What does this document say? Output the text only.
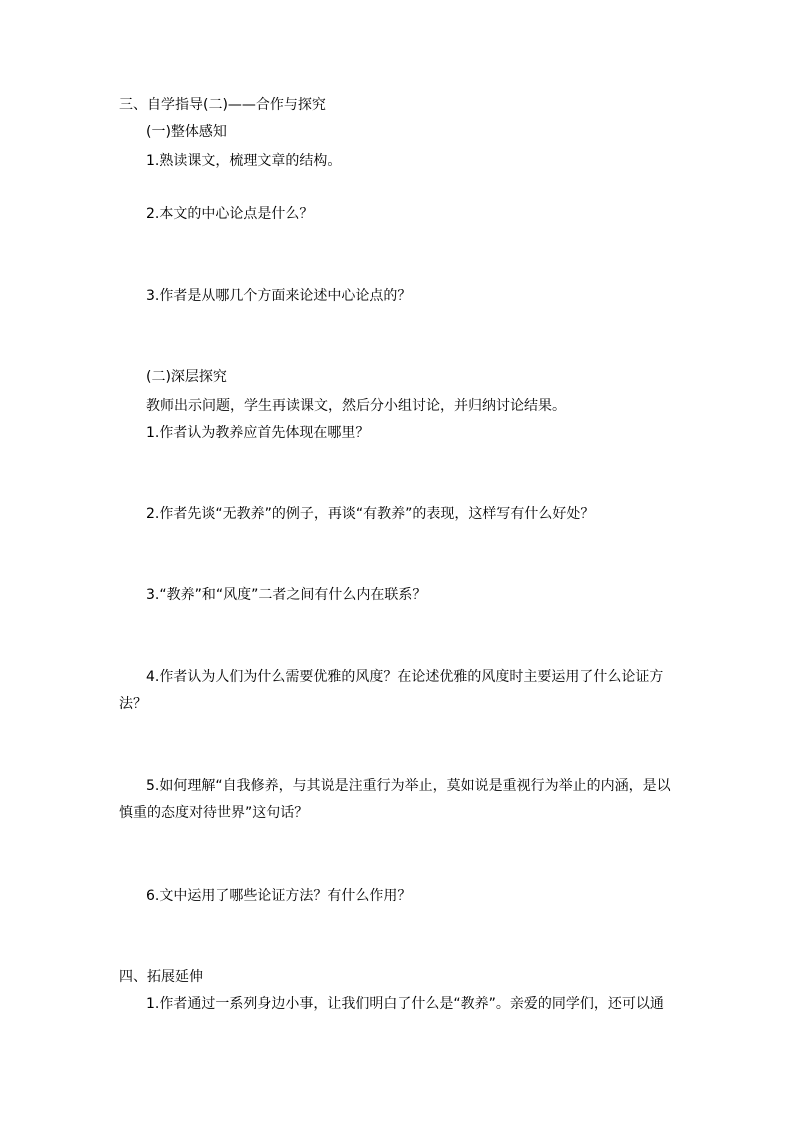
三、自学指导(二)——合作与探究
(一)整体感知
1.熟读课文，梳理文章的结构。
2.本文的中心论点是什么？
3.作者是从哪几个方面来论述中心论点的？
(二)深层探究
教师出示问题，学生再读课文，然后分小组讨论，并归纳讨论结果。
1.作者认为教养应首先体现在哪里？
2.作者先谈“无教养”的例子，再谈“有教养”的表现，这样写有什么好处？
3.“教养”和“风度”二者之间有什么内在联系？
4.作者认为人们为什么需要优雅的风度？在论述优雅的风度时主要运用了什么论证方
法？
5.如何理解“自我修养，与其说是注重行为举止，莫如说是重视行为举止的内涵，是以
慎重的态度对待世界”这句话？
6.文中运用了哪些论证方法？有什么作用？
四、拓展延伸
1.作者通过一系列身边小事，让我们明白了什么是“教养”。亲爱的同学们，还可以通
